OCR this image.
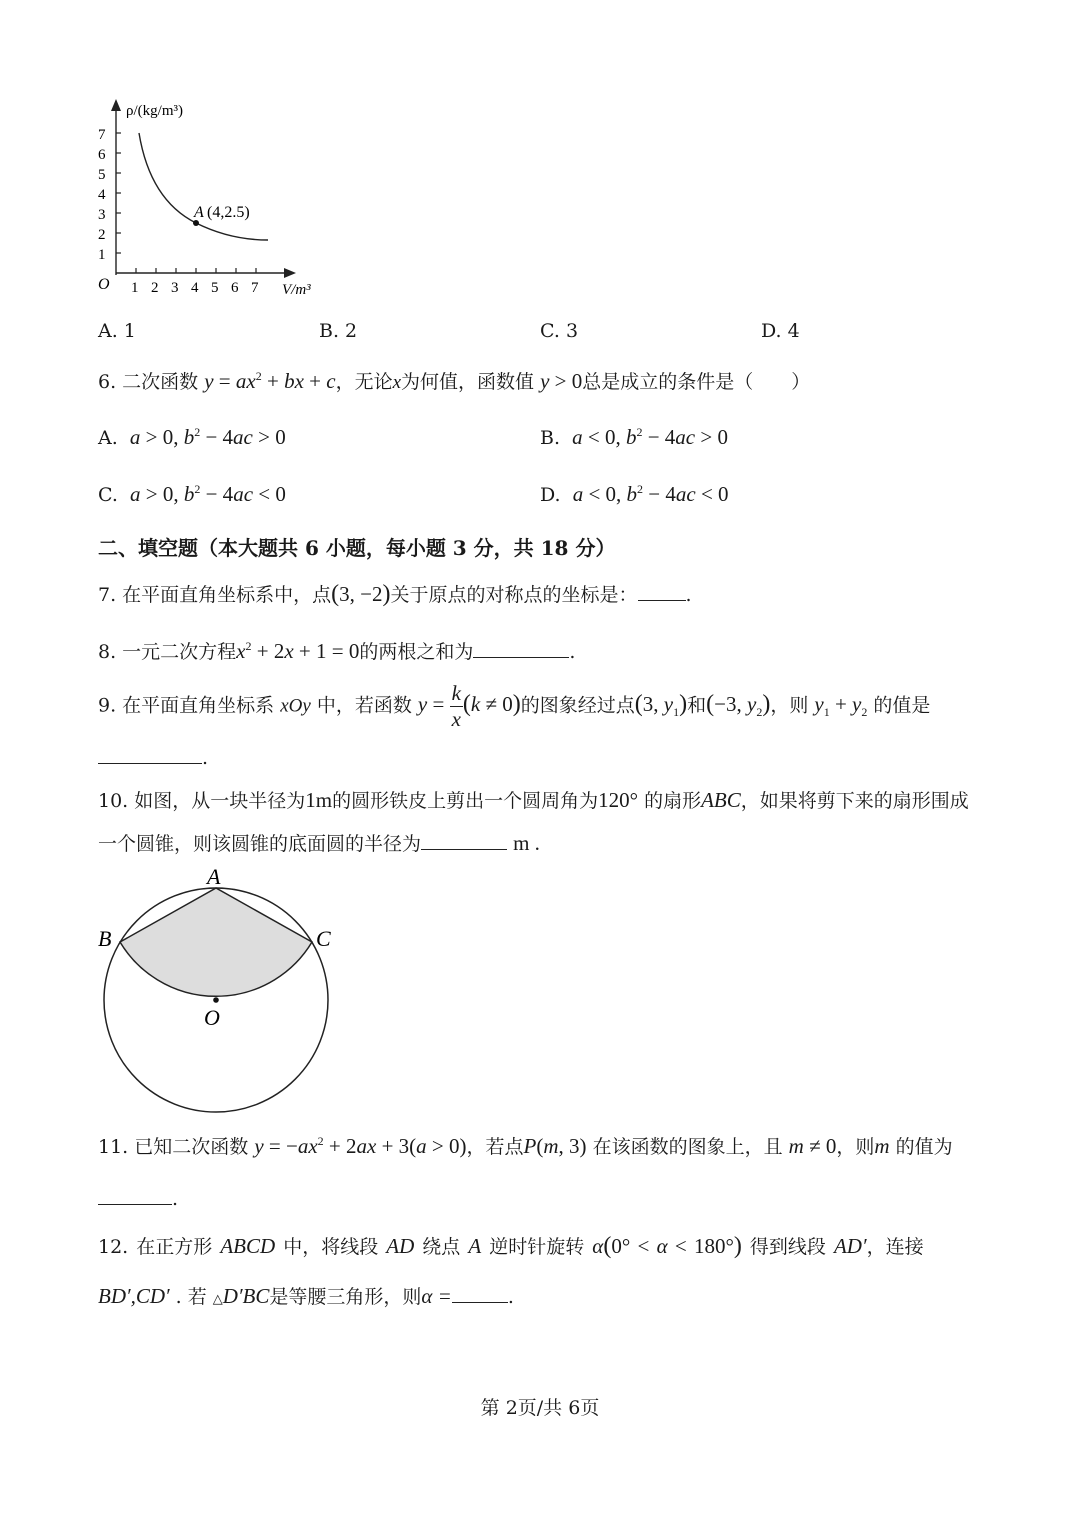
1
2
3
4
5
6
7
1 2 3 4 5 6 7
O
ρ/(kg/m³)
V/m³
A (4,2.5)
A. 1	B. 2	C. 3	D. 4
6. 二次函数 $y = ax^2$ + bx + c，无论x为何值，函数值 y > 0总是成立的条件是（　　）
A. a > 0, $b^2 - 4ac > 0$	B. a < 0, $b^2 - 4ac > 0$
C. a > 0, $b^2 - 4ac < 0$	D. a < 0, $b^2 - 4ac < 0$
二、填空题（本大题共 6 小题，每小题 3 分，共 18 分）
7. 在平面直角坐标系中，点(3, −2)关于原点的对称点的坐标是：	.
8. 一元二次方程$x^2 + 2x + 1 = 0$的两根之和为	.
9. 在平面直角坐标系 xOy 中，若函数 $y = \frac{k}{x} (k \ne 0)$的图象经过点(3, $y_1$)和(−3, $y_2$)，则 $y_1 + y_2$ 的值是
.
10. 如图，从一块半径为1m的圆形铁皮上剪出一个圆周角为120° 的扇形ABC，如果将剪下来的扇形围成
一个圆锥，则该圆锥的底面圆的半径为	m .
A
B	C
O
11. 已知二次函数 $y = -ax^2 + 2ax + 3(a > 0)$，若点P(m, 3) 在该函数的图象上，且 m ≠ 0，则m 的值为
.
12. 在正方形 ABCD 中，将线段 AD 绕点 A 逆时针旋转 α(0° < α < 180°) 得到线段 AD′，连接
BD′,CD′ . 若 △D′BC是等腰三角形，则α =	.
第 2页/共 6页
